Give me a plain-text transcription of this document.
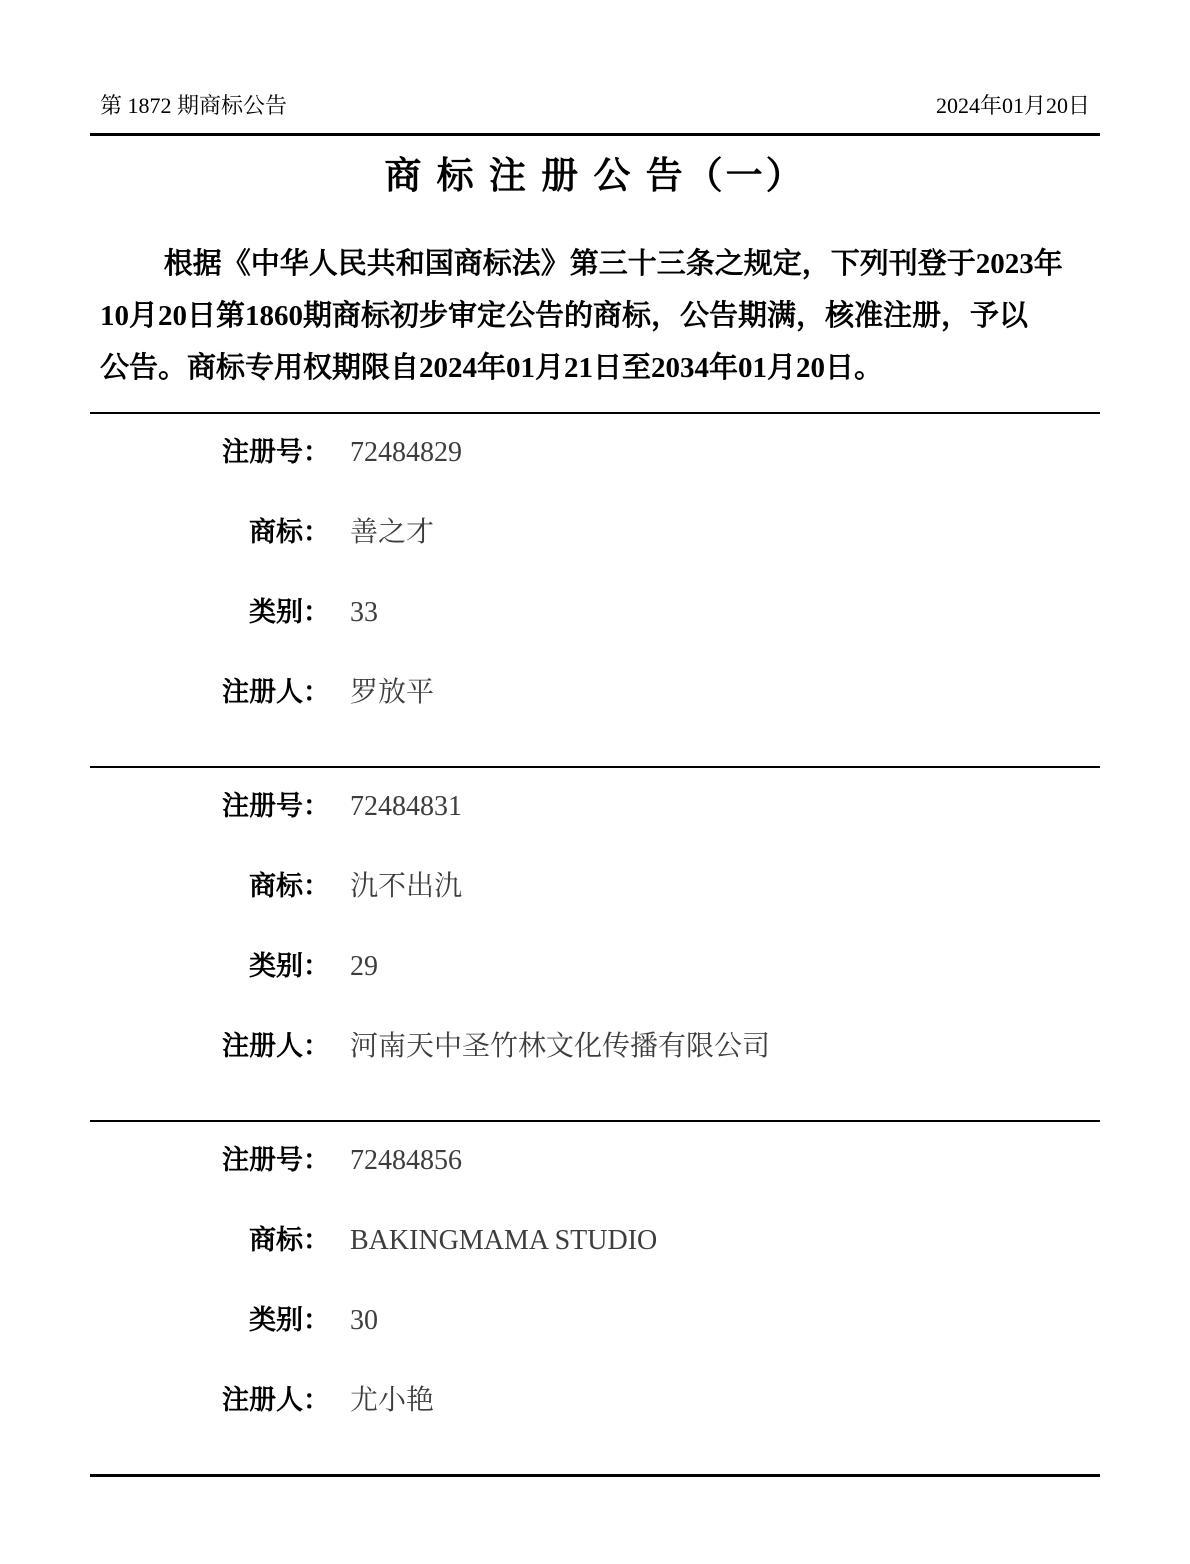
第 1872 期商标公告	2024年01月20日
商 标 注 册 公 告（一）
根据《中华人民共和国商标法》第三十三条之规定，下列刊登于2023年
10月20日第1860期商标初步审定公告的商标，公告期满，核准注册，予以
公告。商标专用权期限自2024年01月21日至2034年01月20日。
注册号： 72484829
商标： 善之才
类别： 33
注册人： 罗放平
注册号： 72484831
商标： 氿不出氿
类别： 29
注册人： 河南天中圣竹林文化传播有限公司
注册号： 72484856
商标： BAKINGMAMA STUDIO
类别： 30
注册人： 尤小艳
